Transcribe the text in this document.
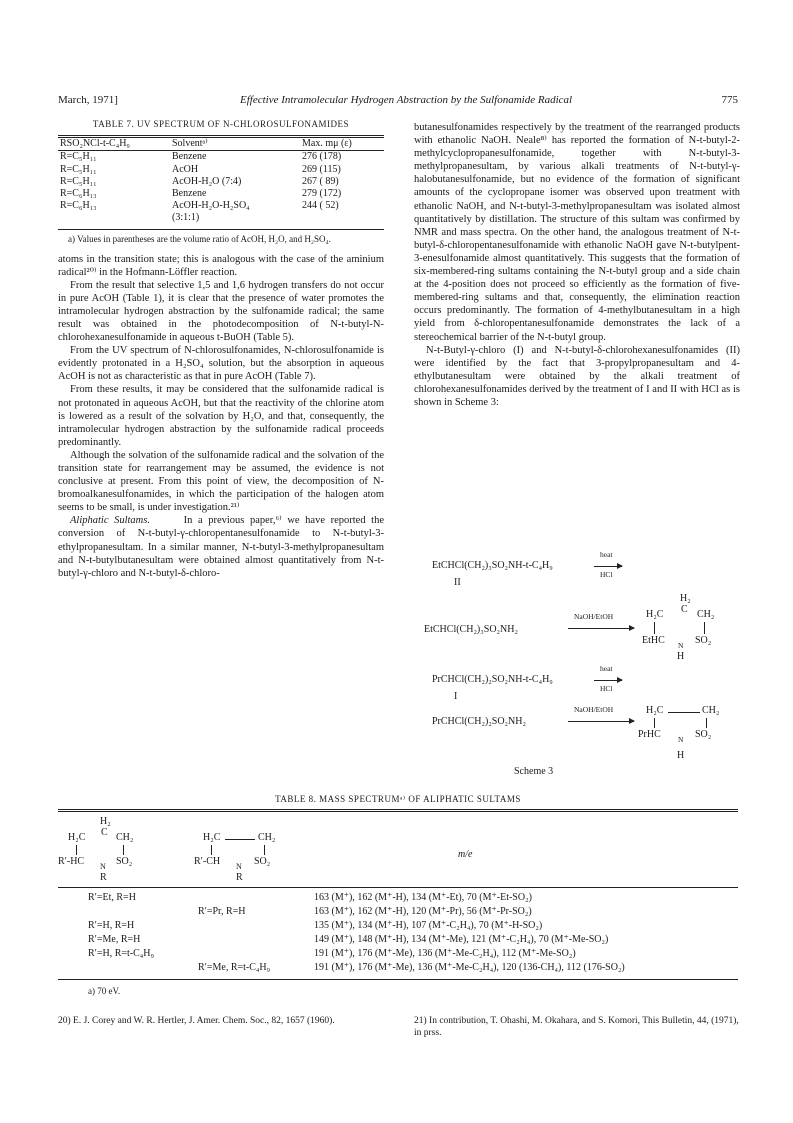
March, 1971]	Effective Intramolecular Hydrogen Abstraction by the Sulfonamide Radical	775
TABLE 7. UV SPECTRUM OF N-CHLOROSULFONAMIDES
RSO₂NCl-t-C₄H₉	Solventᵃ⁾	Max. mμ (ε)
R=C₅H₁₁	Benzene	276 (178)
R=C₅H₁₁	AcOH	269 (115)
R=C₅H₁₁	AcOH-H₂O (7:4)	267 ( 89)
R=C₆H₁₃	Benzene	279 (172)
R=C₆H₁₃	AcOH-H₂O-H₂SO₄	244 ( 52)
	(3:1:1)	
a) Values in parentheses are the volume ratio of AcOH, H₂O, and H₂SO₄.

atoms in the transition state; this is analogous with the case of the aminium radical²⁰⁾ in the Hofmann-Löffler reaction.

From the result that selective 1,5 and 1,6 hydrogen transfers do not occur in pure AcOH (Table 1), it is clear that the presence of water promotes the intramolecular hydrogen abstraction by the sulfonamide radical; the same result was obtained in the photodecomposition of N-t-butyl-N-chlorohexanesulfonamide in aqueous t-BuOH (Table 5).

From the UV spectrum of N-chlorosulfonamides, N-chlorosulfonamide is evidently protonated in a H₂SO₄ solution, but the absorption in aqueous AcOH is not as characteristic as that in pure AcOH (Table 7).

From these results, it may be considered that the sulfonamide radical is not protonated in aqueous AcOH, but that the reactivity of the chlorine atom is lowered as a result of the solvation by H₂O, and that, consequently, the intramolecular hydrogen abstraction by the sulfonamide radical proceeds predominantly.

Although the solvation of the sulfonamide radical and the solvation of the transition state for rearrangement may be assumed, the evidence is not conclusive at present. From this point of view, the decomposition of N-bromoalkanesulfonamides, in which the participation of the halogen atom seems to be small, is under investigation.²¹⁾

Aliphatic Sultams.	In a previous paper,⁶⁾ we have reported the conversion of N-t-butyl-γ-chloropentanesulfonamide to N-t-butyl-3-ethylpropanesultam. In a similar manner, N-t-butyl-3-methylpropanesultam and N-t-butylbutanesultam were obtained almost quantitatively from N-t-butyl-γ-chloro and N-t-butyl-δ-chloro-

butanesulfonamides respectively by the treatment of the rearranged products with ethanolic NaOH. Neale⁸⁾ has reported the formation of N-t-butyl-2-methylcyclopropanesulfonamide, together with N-t-butyl-3-methylpropanesultam, by various alkali treatments of N-t-butyl-γ-halobutanesulfonamide, but no evidence of the formation of significant amounts of the cyclopropane isomer was observed upon treatment with ethanolic NaOH, and N-t-butyl-3-methylpropanesultam was isolated almost quantitatively by distillation. The structure of this sultam was confirmed by NMR and mass spectra. On the other hand, the analogous treatment of N-t-butyl-δ-chloropentanesulfonamide with ethanolic NaOH gave N-t-butylpent-3-enesulfonamide almost quantitatively. This suggests that the formation of six-membered-ring sultams containing the N-t-butyl group and a side chain at the 4-position does not proceed so efficiently as the formation of five-membered-ring sultams and that, consequently, the elimination reaction occurs predominantly. The formation of 4-methylbutanesultam in a high yield from δ-chloropentanesulfonamide demonstrates the lack of a stereochemical barrier of the N-t-butyl group.

N-t-Butyl-γ-chloro (I) and N-t-butyl-δ-chlorohexanesulfonamides (II) were identified by the fact that 3-propylpropanesultam and 4-ethylbutanesultam were obtained by the alkali treatment of chlorohexanesulfonamides derived by the treatment of I and II with HCl as is shown in Scheme 3:

EtCHCl(CH₂)₃SO₂NH-t-C₄H₉
heat
HCl
II
EtCHCl(CH₂)₃SO₂NH₂
NaOH/EtOH
H₂
C
H₂C	CH₂
EtHC N SO₂
H
PrCHCl(CH₂)₂SO₂NH-t-C₄H₉
heat
HCl
I
PrCHCl(CH₂)₂SO₂NH₂
NaOH/EtOH	H₂C	CH₂
PrHC N SO₂
H
Scheme 3
TABLE 8. MASS SPECTRUMᵃ⁾ OF ALIPHATIC SULTAMS
H₂
C
H₂C	CH₂
R′-HC N SO₂
R
H₂C	CH₂
R′-CH N SO₂
R
m/e
R′=Et, R=H	163 (M⁺), 162 (M⁺-H), 134 (M⁺-Et), 70 (M⁺-Et-SO₂)
R′=Pr, R=H	163 (M⁺), 162 (M⁺-H), 120 (M⁺-Pr), 56 (M⁺-Pr-SO₂)
R′=H, R=H	135 (M⁺), 134 (M⁺-H), 107 (M⁺-C₂H₄), 70 (M⁺-H-SO₂)
R′=Me, R=H	149 (M⁺), 148 (M⁺-H), 134 (M⁺-Me), 121 (M⁺-C₂H₄), 70 (M⁺-Me-SO₂)
R′=H, R=t-C₄H₉	191 (M⁺), 176 (M⁺-Me), 136 (M⁺-Me-C₂H₄), 112 (M⁺-Me-SO₂)
R′=Me, R=t-C₄H₉	191 (M⁺), 176 (M⁺-Me), 136 (M⁺-Me-C₂H₄), 120 (136-CH₄), 112 (176-SO₂)
a) 70 eV.
20) E. J. Corey and W. R. Hertler, J. Amer. Chem. Soc., 82, 1657 (1960).	21) In contribution, T. Ohashi, M. Okahara, and S. Komori, This Bulletin, 44, (1971), in prss.
